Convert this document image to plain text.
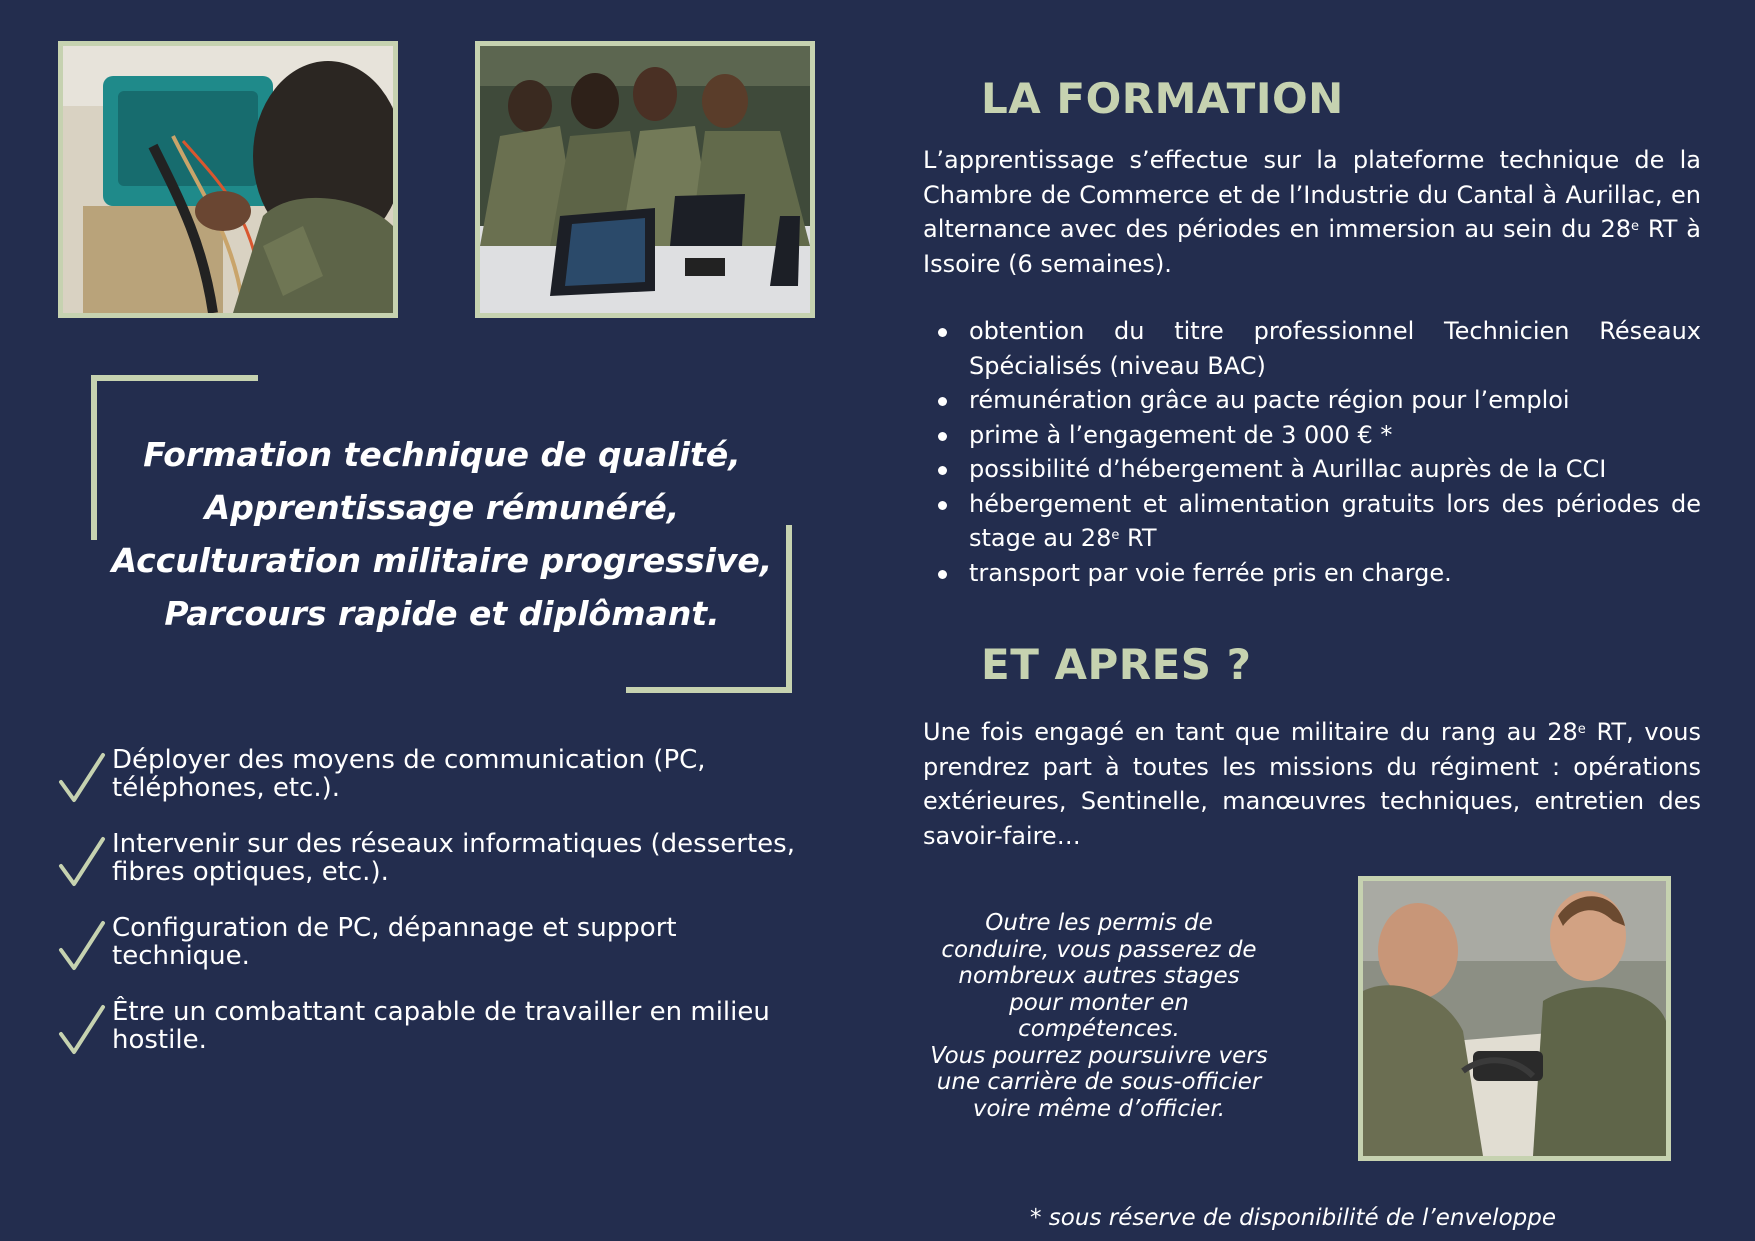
Formation technique de qualité,
Apprentissage rémunéré,
Acculturation militaire progressive,
Parcours rapide et diplômant.
Déployer des moyens de communication (PC,
téléphones, etc.).
Intervenir sur des réseaux informatiques (dessertes,
fibres optiques, etc.).
Configuration de PC, dépannage et support
technique.
Être un combattant capable de travailler en milieu
hostile.
LA FORMATION
L’apprentissage s’effectue sur la plateforme technique de la Chambre de Commerce et de l’Industrie du Cantal à Aurillac, en alternance avec des périodes en immersion au sein du 28e RT à Issoire (6 semaines).
obtention du titre professionnel Technicien Réseaux Spécialisés (niveau BAC)
rémunération grâce au pacte région pour l’emploi
prime à l’engagement de 3 000 € *
possibilité d’hébergement à Aurillac auprès de la CCI
hébergement et alimentation gratuits lors des périodes de stage au 28e RT
transport par voie ferrée pris en charge.
ET APRES ?
Une fois engagé en tant que militaire du rang au 28e RT, vous prendrez part à toutes les missions du régiment : opérations extérieures, Sentinelle, manœuvres techniques, entretien des savoir-faire…
Outre les permis de
conduire, vous passerez de
nombreux autres stages
pour monter en
compétences.
Vous pourrez poursuivre vers
une carrière de sous-officier
voire même d’officier.
* sous réserve de disponibilité de l’enveloppe
